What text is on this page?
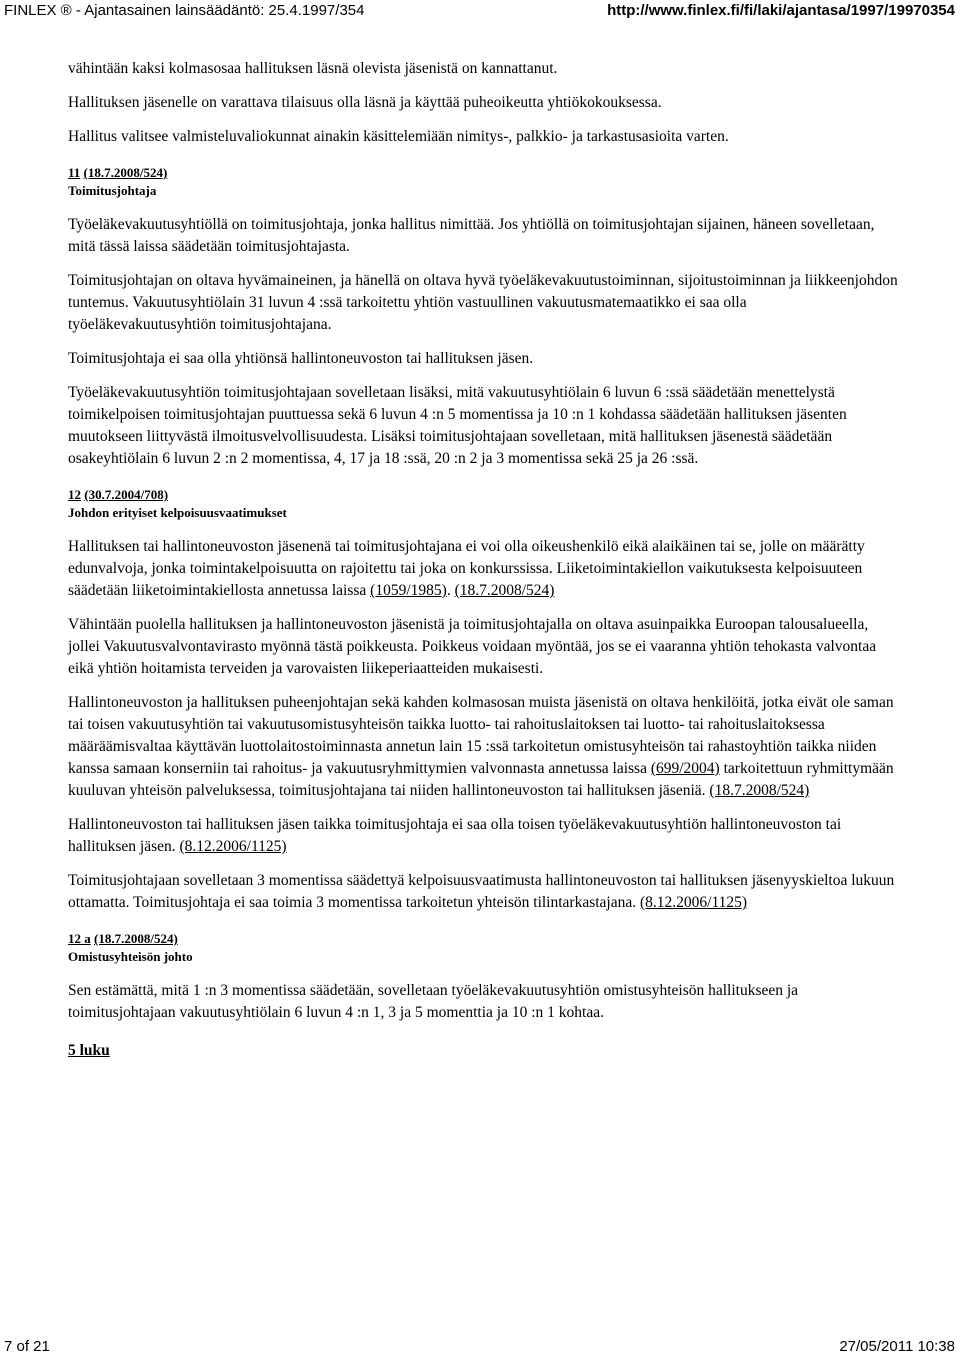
FINLEX ® - Ajantasainen lainsäädäntö: 25.4.1997/354	http://www.finlex.fi/fi/laki/ajantasa/1997/19970354

vähintään kaksi kolmasosaa hallituksen läsnä olevista jäsenistä on kannattanut.

Hallituksen jäsenelle on varattava tilaisuus olla läsnä ja käyttää puheoikeutta yhtiökokouksessa.

Hallitus valitsee valmisteluvaliokunnat ainakin käsittelemiään nimitys-, palkkio- ja tarkastusasioita varten.

11 (18.7.2008/524)
Toimitusjohtaja

Työeläkevakuutusyhtiöllä on toimitusjohtaja, jonka hallitus nimittää. Jos yhtiöllä on toimitusjohtajan sijainen, häneen sovelletaan, mitä tässä laissa säädetään toimitusjohtajasta.

Toimitusjohtajan on oltava hyvämaineinen, ja hänellä on oltava hyvä työeläkevakuutustoiminnan, sijoitustoiminnan ja liikkeenjohdon tuntemus. Vakuutusyhtiölain 31 luvun 4 :ssä tarkoitettu yhtiön vastuullinen vakuutusmatemaatikko ei saa olla työeläkevakuutusyhtiön toimitusjohtajana.

Toimitusjohtaja ei saa olla yhtiönsä hallintoneuvoston tai hallituksen jäsen.

Työeläkevakuutusyhtiön toimitusjohtajaan sovelletaan lisäksi, mitä vakuutusyhtiölain 6 luvun 6 :ssä säädetään menettelystä toimikelpoisen toimitusjohtajan puuttuessa sekä 6 luvun 4 :n 5 momentissa ja 10 :n 1 kohdassa säädetään hallituksen jäsenten muutokseen liittyvästä ilmoitusvelvollisuudesta. Lisäksi toimitusjohtajaan sovelletaan, mitä hallituksen jäsenestä säädetään osakeyhtiölain 6 luvun 2 :n 2 momentissa, 4, 17 ja 18 :ssä, 20 :n 2 ja 3 momentissa sekä 25 ja 26 :ssä.

12 (30.7.2004/708)
Johdon erityiset kelpoisuusvaatimukset

Hallituksen tai hallintoneuvoston jäsenenä tai toimitusjohtajana ei voi olla oikeushenkilö eikä alaikäinen tai se, jolle on määrätty edunvalvoja, jonka toimintakelpoisuutta on rajoitettu tai joka on konkurssissa. Liiketoimintakiellon vaikutuksesta kelpoisuuteen säädetään liiketoimintakiellosta annetussa laissa (1059/1985). (18.7.2008/524)

Vähintään puolella hallituksen ja hallintoneuvoston jäsenistä ja toimitusjohtajalla on oltava asuinpaikka Euroopan talousalueella, jollei Vakuutusvalvontavirasto myönnä tästä poikkeusta. Poikkeus voidaan myöntää, jos se ei vaaranna yhtiön tehokasta valvontaa eikä yhtiön hoitamista terveiden ja varovaisten liikeperiaatteiden mukaisesti.

Hallintoneuvoston ja hallituksen puheenjohtajan sekä kahden kolmasosan muista jäsenistä on oltava henkilöitä, jotka eivät ole saman tai toisen vakuutusyhtiön tai vakuutusomistusyhteisön taikka luotto- tai rahoituslaitoksen tai luotto- tai rahoituslaitoksessa määräämisvaltaa käyttävän luottolaitostoiminnasta annetun lain 15 :ssä tarkoitetun omistusyhteisön tai rahastoyhtiön taikka niiden kanssa samaan konserniin tai rahoitus- ja vakuutusryhmittymien valvonnasta annetussa laissa (699/2004) tarkoitettuun ryhmittymään kuuluvan yhteisön palveluksessa, toimitusjohtajana tai niiden hallintoneuvoston tai hallituksen jäseniä. (18.7.2008/524)

Hallintoneuvoston tai hallituksen jäsen taikka toimitusjohtaja ei saa olla toisen työeläkevakuutusyhtiön hallintoneuvoston tai hallituksen jäsen. (8.12.2006/1125)

Toimitusjohtajaan sovelletaan 3 momentissa säädettyä kelpoisuusvaatimusta hallintoneuvoston tai hallituksen jäsenyyskieltoa lukuun ottamatta. Toimitusjohtaja ei saa toimia 3 momentissa tarkoitetun yhteisön tilintarkastajana. (8.12.2006/1125)

12 a (18.7.2008/524)
Omistusyhteisön johto

Sen estämättä, mitä 1 :n 3 momentissa säädetään, sovelletaan työeläkevakuutusyhtiön omistusyhteisön hallitukseen ja toimitusjohtajaan vakuutusyhtiölain 6 luvun 4 :n 1, 3 ja 5 momenttia ja 10 :n 1 kohtaa.

5 luku

7 of 21	27/05/2011 10:38
